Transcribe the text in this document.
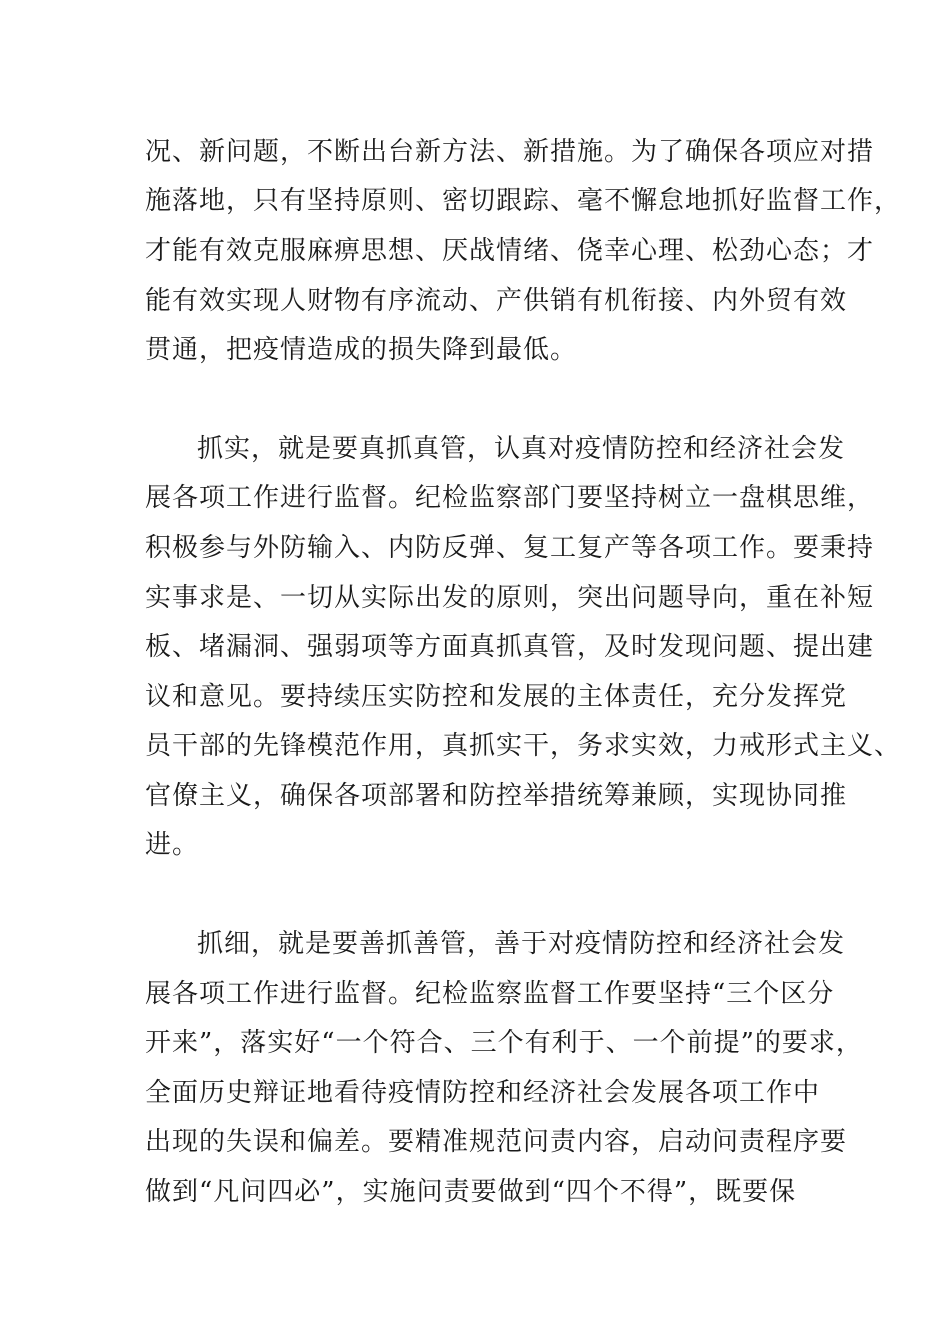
况、新问题，不断出台新方法、新措施。为了确保各项应对措
施落地，只有坚持原则、密切跟踪、毫不懈怠地抓好监督工作，
才能有效克服麻痹思想、厌战情绪、侥幸心理、松劲心态；才
能有效实现人财物有序流动、产供销有机衔接、内外贸有效
贯通，把疫情造成的损失降到最低。
抓实，就是要真抓真管，认真对疫情防控和经济社会发
展各项工作进行监督。纪检监察部门要坚持树立一盘棋思维，
积极参与外防输入、内防反弹、复工复产等各项工作。要秉持
实事求是、一切从实际出发的原则，突出问题导向，重在补短
板、堵漏洞、强弱项等方面真抓真管，及时发现问题、提出建
议和意见。要持续压实防控和发展的主体责任，充分发挥党
员干部的先锋模范作用，真抓实干，务求实效，力戒形式主义、
官僚主义，确保各项部署和防控举措统筹兼顾，实现协同推
进。
抓细，就是要善抓善管，善于对疫情防控和经济社会发
展各项工作进行监督。纪检监察监督工作要坚持“三个区分
开来”，落实好“一个符合、三个有利于、一个前提”的要求，
全面历史辩证地看待疫情防控和经济社会发展各项工作中
出现的失误和偏差。要精准规范问责内容，启动问责程序要
做到“凡问四必”，实施问责要做到“四个不得”，既要保
